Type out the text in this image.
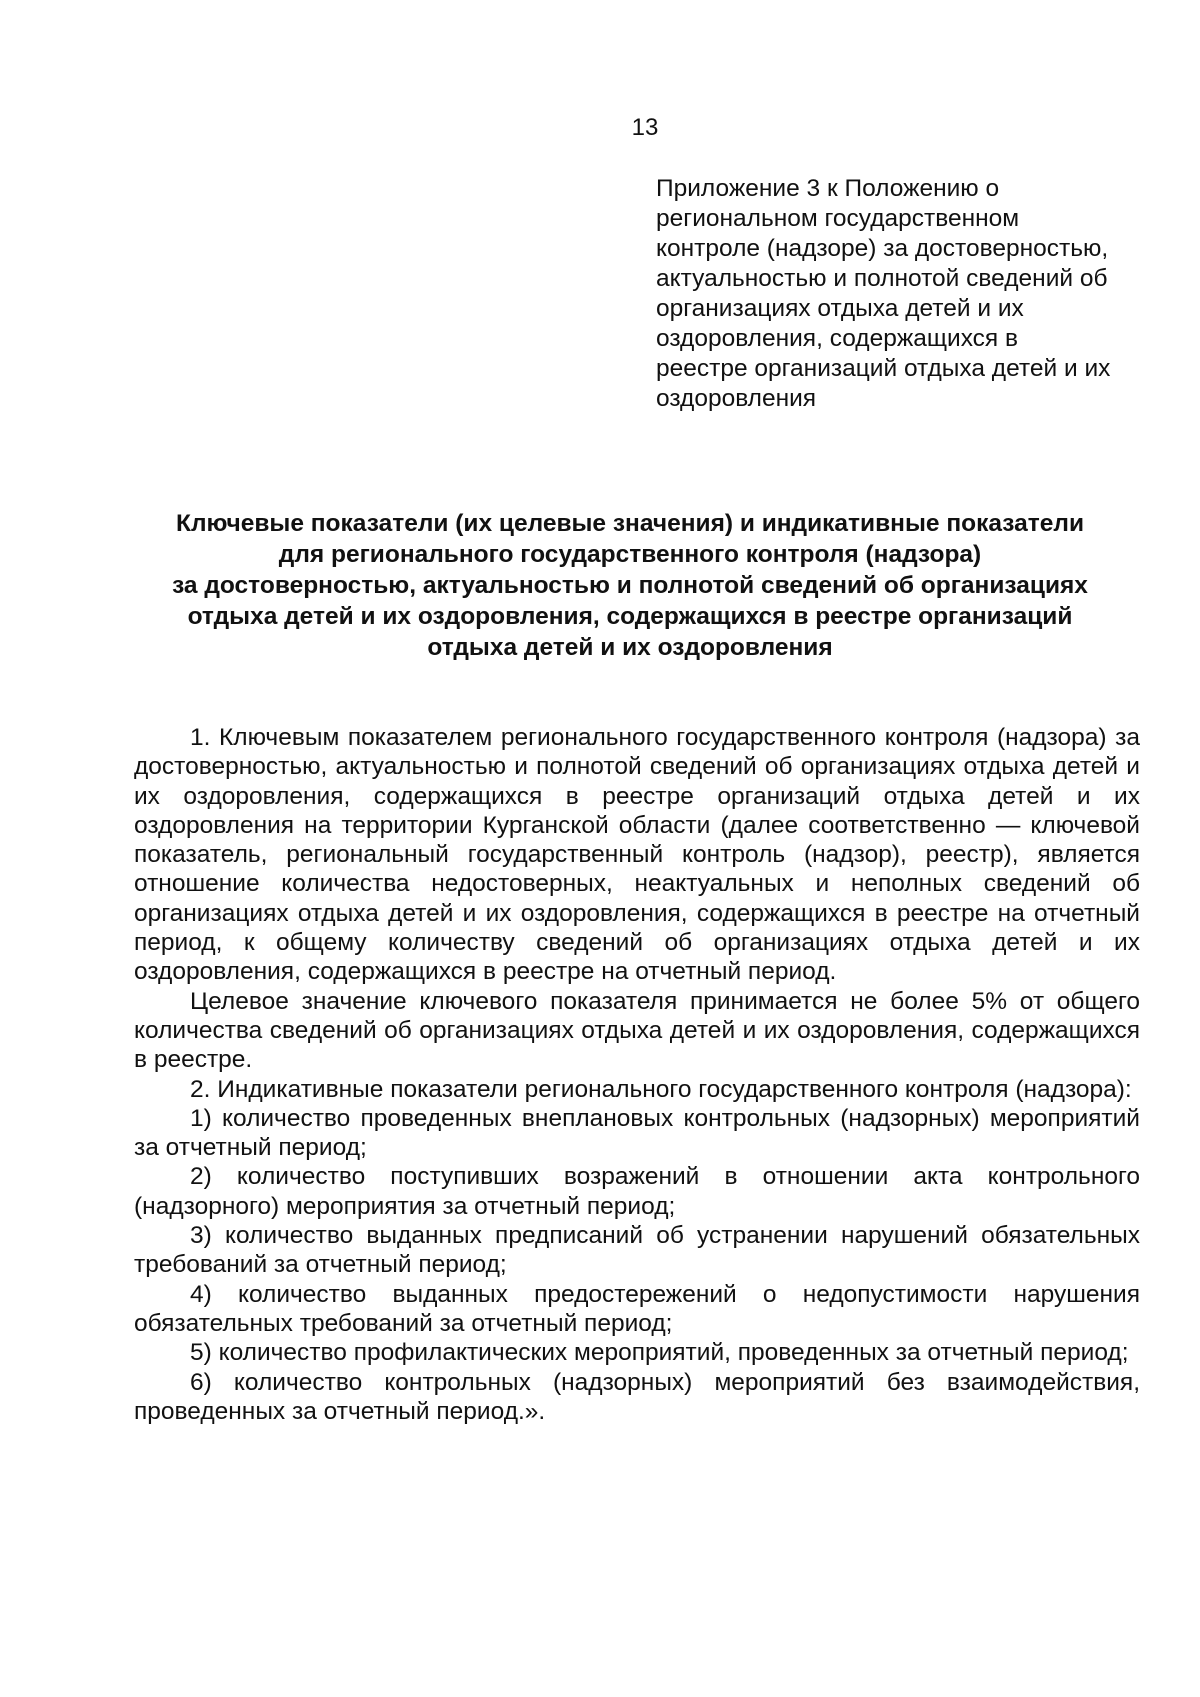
13
Приложение 3 к Положению о
региональном государственном
контроле (надзоре) за достоверностью,
актуальностью и полнотой сведений об
организациях отдыха детей и их
оздоровления, содержащихся в
реестре организаций отдыха детей и их
оздоровления
Ключевые показатели (их целевые значения) и индикативные показатели
для регионального государственного контроля (надзора)
за достоверностью, актуальностью и полнотой сведений об организациях
отдыха детей и их оздоровления, содержащихся в реестре организаций
отдыха детей и их оздоровления

1. Ключевым показателем регионального государственного контроля (надзора) за достоверностью, актуальностью и полнотой сведений об организациях отдыха детей и их оздоровления, содержащихся в реестре организаций отдыха детей и их оздоровления на территории Курганской области (далее соответственно — ключевой показатель, региональный государственный контроль (надзор), реестр), является отношение количества недостоверных, неактуальных и неполных сведений об организациях отдыха детей и их оздоровления, содержащихся в реестре на отчетный период, к общему количеству сведений об организациях отдыха детей и их оздоровления, содержащихся в реестре на отчетный период.

Целевое значение ключевого показателя принимается не более 5% от общего количества сведений об организациях отдыха детей и их оздоровления, содержащихся в реестре.

2. Индикативные показатели регионального государственного контроля (надзора):

1) количество проведенных внеплановых контрольных (надзорных) мероприятий за отчетный период;

2) количество поступивших возражений в отношении акта контрольного (надзорного) мероприятия за отчетный период;

3) количество выданных предписаний об устранении нарушений обязательных требований за отчетный период;

4) количество выданных предостережений о недопустимости нарушения обязательных требований за отчетный период;

5) количество профилактических мероприятий, проведенных за отчетный период;

6) количество контрольных (надзорных) мероприятий без взаимодействия, проведенных за отчетный период.».
